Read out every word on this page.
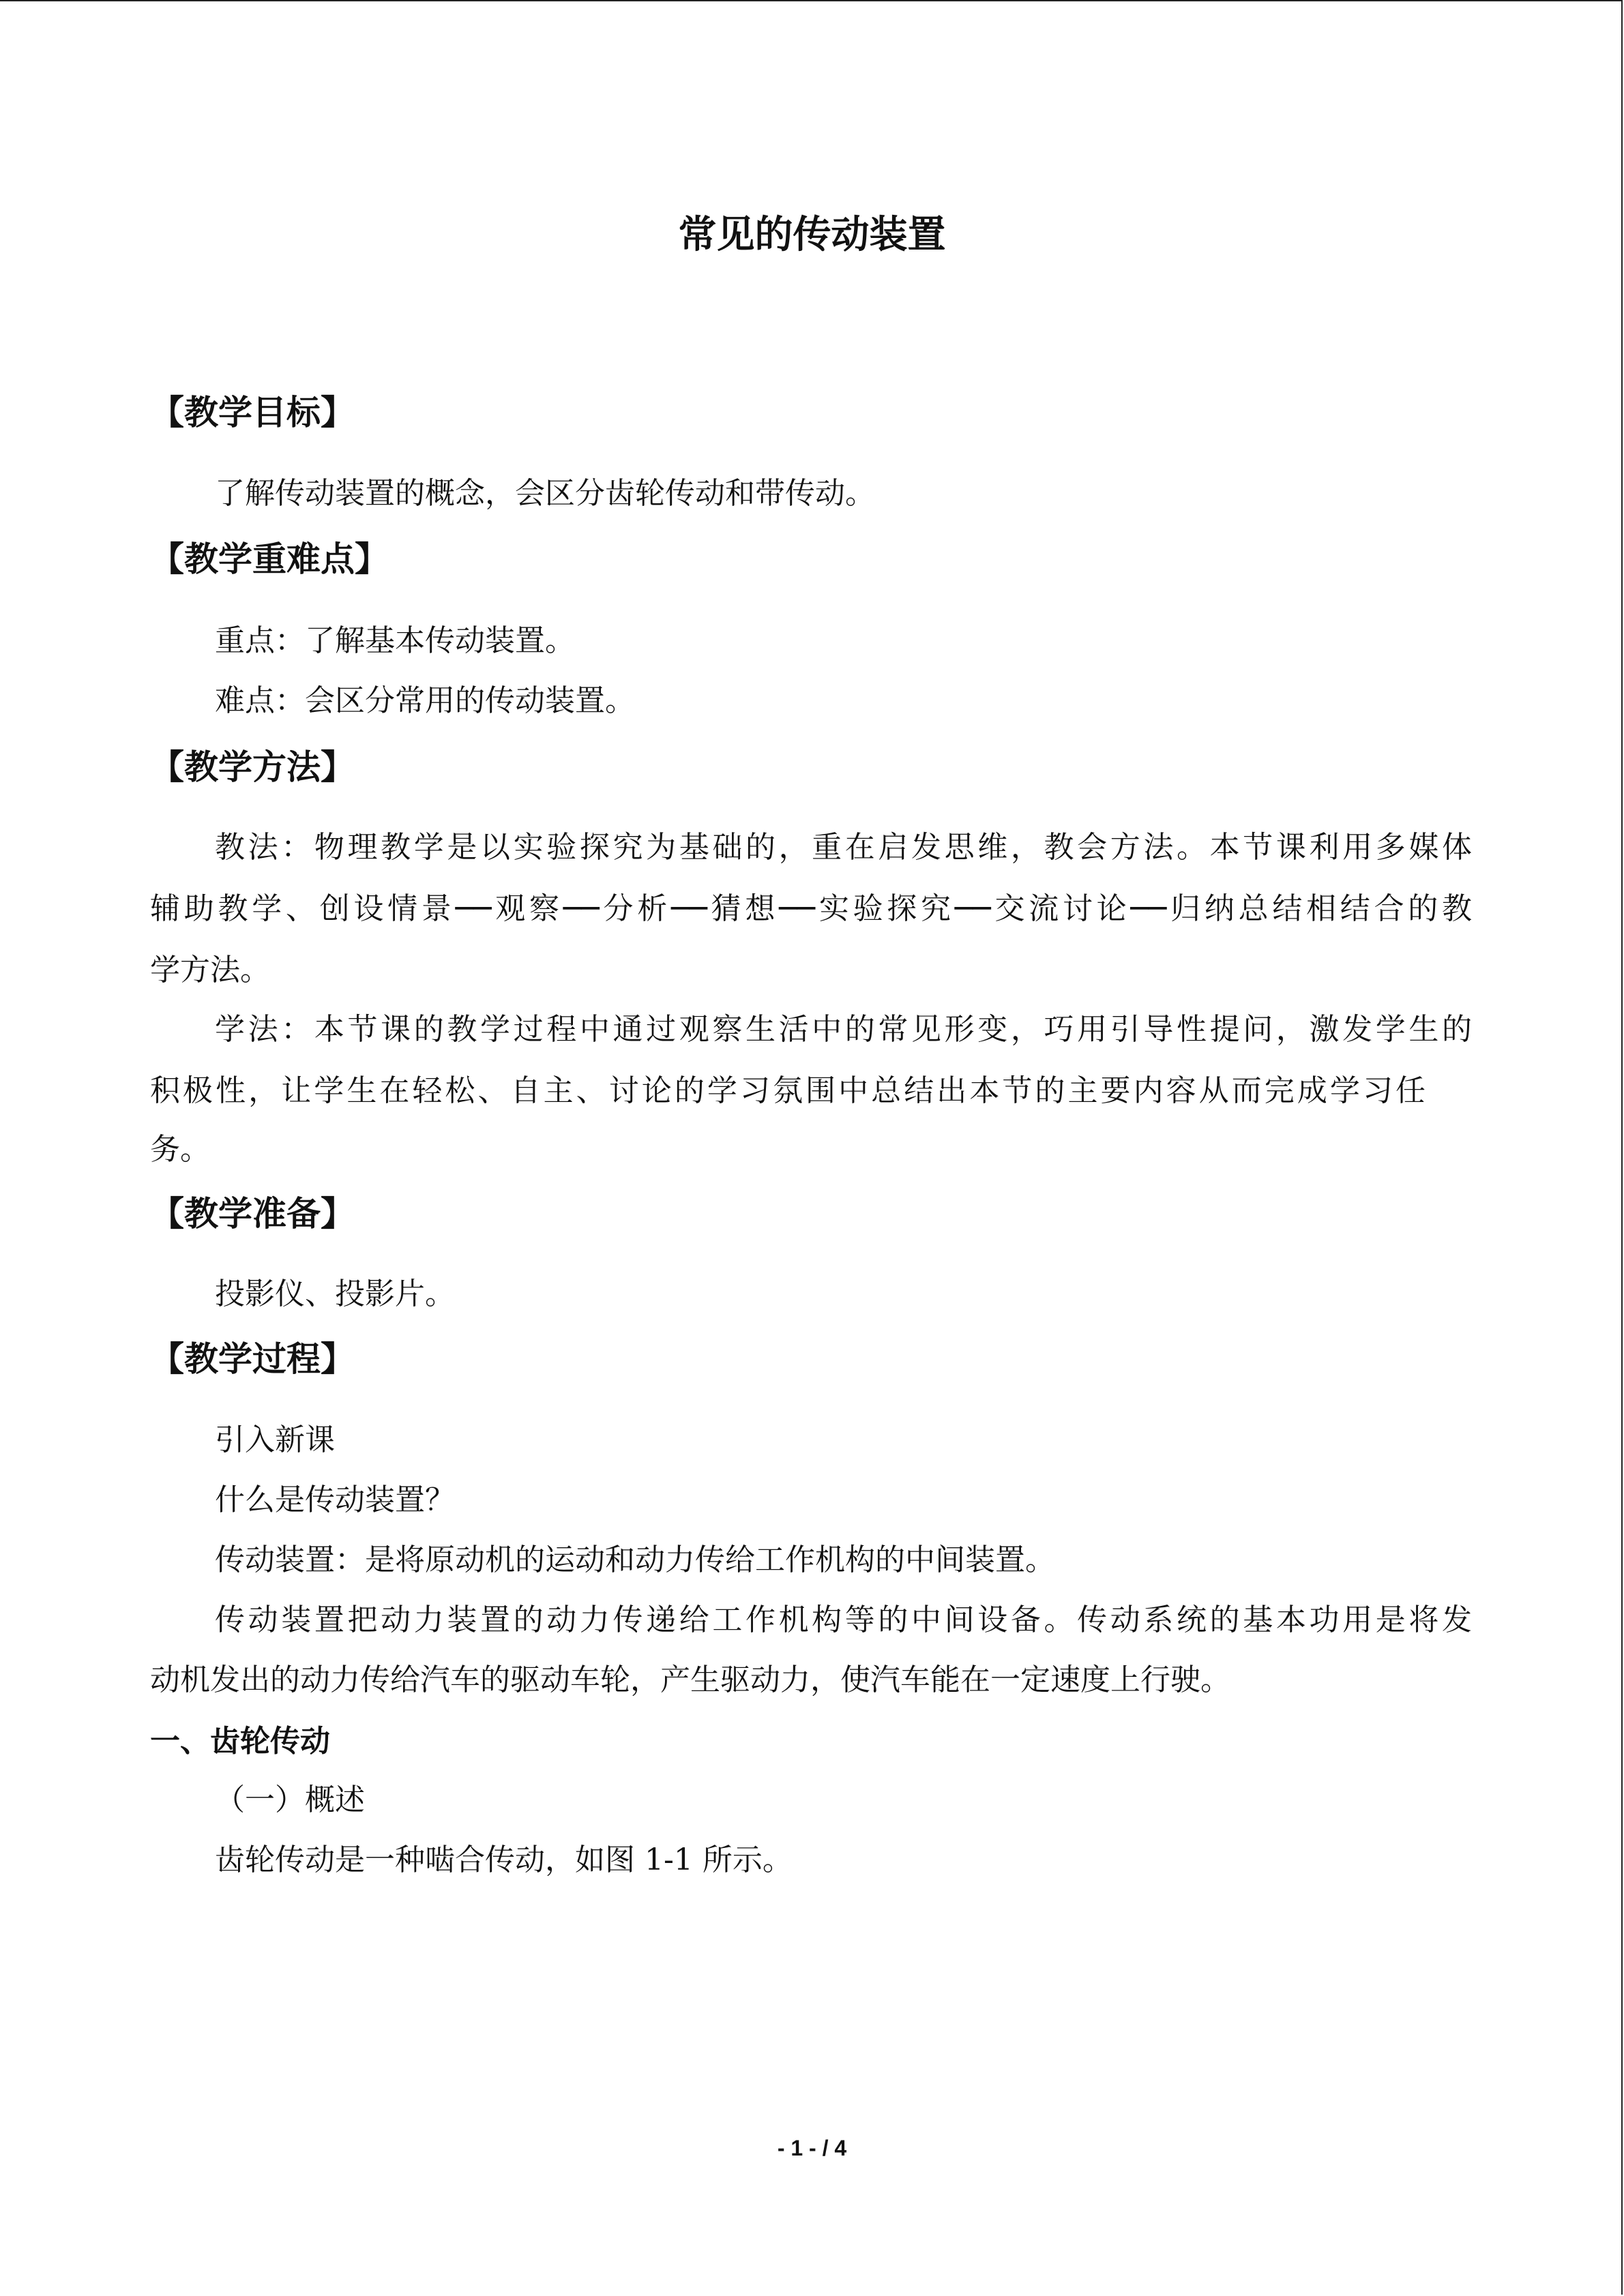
常见的传动装置
【教学目标】
了解传动装置的概念，会区分齿轮传动和带传动。
【教学重难点】
重点：了解基本传动装置。
难点：会区分常用的传动装置。
【教学方法】
教法：物理教学是以实验探究为基础的，重在启发思维，教会方法。本节课利用多媒体
辅助教学、创设情景──观察──分析──猜想──实验探究──交流讨论──归纳总结相结合的教
学方法。
学法：本节课的教学过程中通过观察生活中的常见形变，巧用引导性提问，激发学生的
积极性，让学生在轻松、自主、讨论的学习氛围中总结出本节的主要内容从而完成学习任
务。
【教学准备】
投影仪、投影片。
【教学过程】
引入新课
什么是传动装置？
传动装置：是将原动机的运动和动力传给工作机构的中间装置。
传动装置把动力装置的动力传递给工作机构等的中间设备。传动系统的基本功用是将发
动机发出的动力传给汽车的驱动车轮，产生驱动力，使汽车能在一定速度上行驶。
一、齿轮传动
（一）概述
齿轮传动是一种啮合传动，如图 1-1 所示。
- 1 - / 4
